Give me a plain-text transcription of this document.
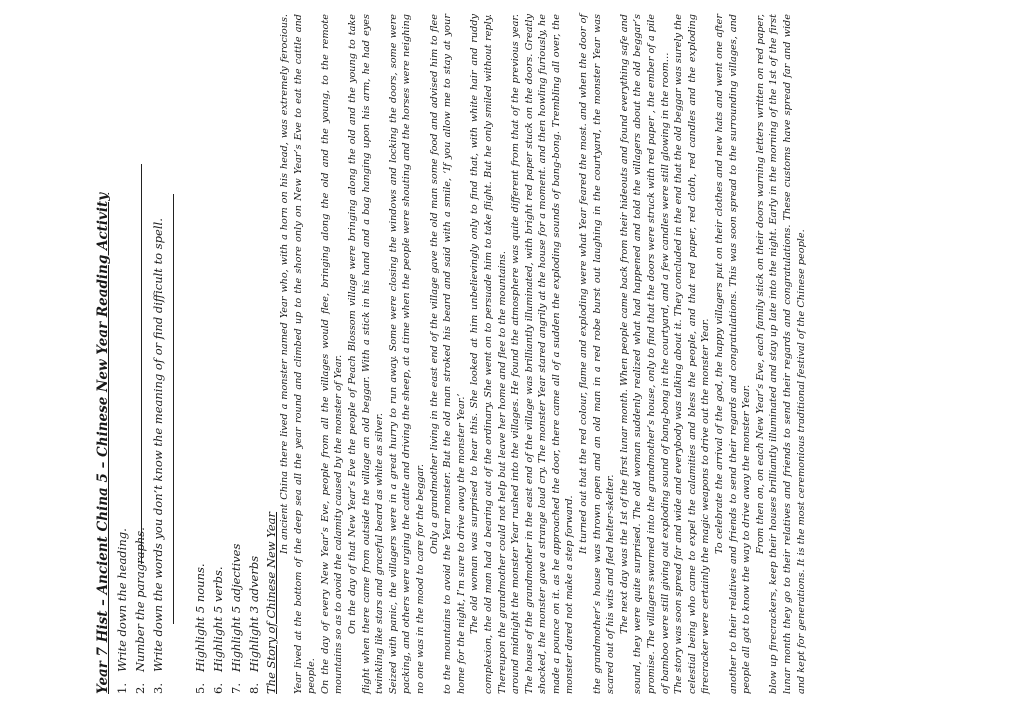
Year 7 Hist – Ancient China 5 – Chinese New Year Reading Activity 1.Write down the heading.
2.Number the paragraphs.
3.Write down the words you don’t know the meaning of or find difficult to spell.
5.Highlight 5 nouns.
6.Highlight 5 verbs.
7.Highlight 5 adjectives
8.Highlight 3 adverbs The Story of Chinese New Year

In ancient China there lived a monster named Year who, with a horn on his head, was extremely ferocious. Year lived at the bottom of the deep sea all the year round and climbed up to the shore only on New Year’s Eve to eat the cattle and people. On the day of every New Year’s Eve, people from all the villages would flee, bringing along the old and the young, to the remote mountains so as to avoid the calamity caused by the monster of Year. On the day of that New Year’s Eve the people of Peach Blossom village were bringing along the old and the young to take flight when there came from outside the village an old beggar. With a stick in his hand and a bag hanging upon his arm, he had eyes twinkling like stars and graceful beard as white as silver. Seized with panic, the villagers were in a great hurry to run away. Some were closing the windows and locking the doors, some were packing, and others were urging the cattle and driving the sheep, at a time when the people were shouting and the horses were neighing no one was in the mood to care for the beggar.

Only a grandmother living in the east end of the village gave the old man some food and advised him to flee to the mountains to avoid the Year monster. But the old man stroked his beard and said with a smile, ‘If you allow me to stay at your home for the night, I’m sure to drive away the monster Year.’ The old woman was surprised to hear this. She looked at him unbelievingly only to find that, with white hair and ruddy complexion, the old man had a bearing out of the ordinary. She went on to persuade him to take flight. But he only smiled without reply. Thereupon the grandmother could not help but leave her home and flee to the mountains. around midnight the monster Year rushed into the villages. He found the atmosphere was quite different from that of the previous year. The house of the grandmother in the east end of the village was brilliantly illuminated, with bright red paper stuck on the doors. Greatly shocked, the monster gave a strange loud cry. The monster Year stared angrily at the house for a moment. and then howling furiously, he made a pounce on it. as he approached the door, there came all of a sudden the exploding sounds of bang-bong. Trembling all over, the monster dared not make a step forward.

It turned out that the red colour, flame and exploding were what Year feared the most. and when the door of the grandmother’s house was thrown open and an old man in a red robe burst out laughing in the courtyard, the monster Year was scared out of his wits and fled helter-skelter. The next day was the 1st of the first lunar month. When people came back from their hideouts and found everything safe and sound, they were quite surprised. The old woman suddenly realized what had happened and told the villagers about the old beggar’s promise. The villagers swarmed into the grandmother’s house, only to find that the doors were struck with red paper , the ember of a pile of bamboo were still giving out exploding sound of bang-bong in the courtyard, and a few candles were still glowing in the room… The story was soon spread far and wide and everybody was talking about it. They concluded in the end that the old beggar was surely the celestial being who came to expel the calamities and bless the people, and that red paper, red cloth, red candles and the exploding firecracker were certainly the magic weapons to drive out the monster Year. To celebrate the arrival of the god, the happy villagers put on their clothes and new hats and went one after another to their relatives and friends to send their regards and congratulations. This was soon spread to the surrounding villages, and people all got to know the way to drive away the monster Year. From then on, on each New Year’s Eve, each family stick on their doors warning letters written on red paper, blow up firecrackers, keep their houses brilliantly illuminated and stay up late into the night. Early in the morning of the 1st of the first lunar month they go to their relatives and friends to send their regards and congratulations. These customs have spread far and wide and kept for generations. It is the most ceremonious traditional festival of the Chinese people.
